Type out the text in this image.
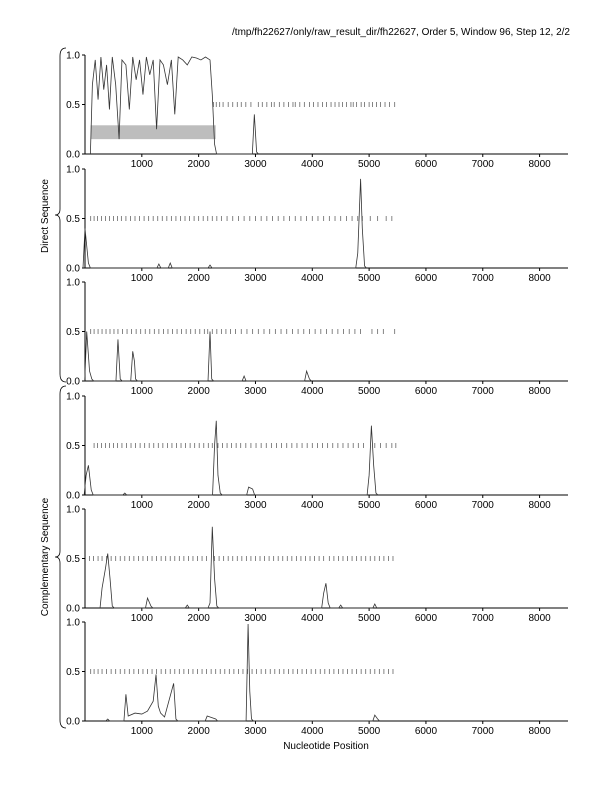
/tmp/fh22627/only/raw_result_dir/fh22627, Order 5, Window 96, Step 12, 2/2
0.0
0.5
1.0
1000	2000	3000	4000	5000	6000	7000	8000
0.0
0.5
1.0
1000	2000	3000	4000	5000	6000	7000	8000
0.0
0.5
1.0
1000	2000	3000	4000	5000	6000	7000	8000
0.0
0.5
1.0
1000	2000	3000	4000	5000	6000	7000	8000
0.0
0.5
1.0
1000	2000	3000	4000	5000	6000	7000	8000
0.0
0.5
1.0
1000	2000	3000	4000	5000	6000	7000	8000
Direct Sequence
Complementary Sequence
Nucleotide Position
